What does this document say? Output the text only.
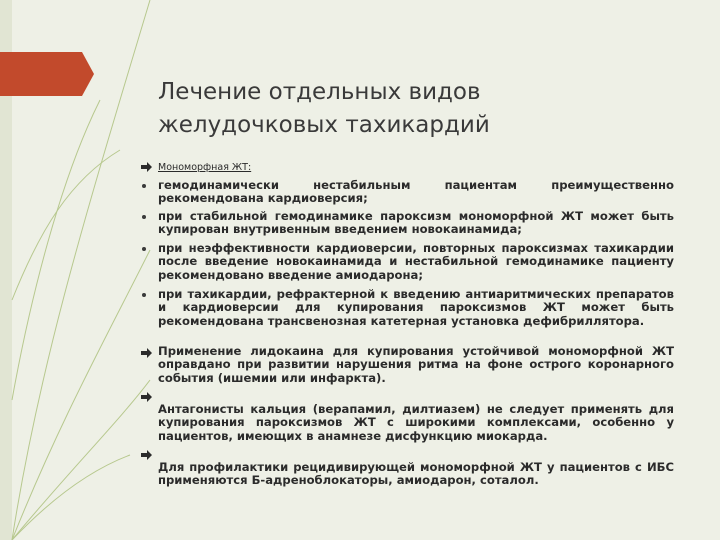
Лечение отдельных видов
желудочковых тахикардий
Мономорфная ЖТ:
гемодинамически нестабильным пациентам преимущественно рекомендована кардиоверсия;
при стабильной гемодинамике пароксизм мономорфной ЖТ может быть купирован внутривенным введением новокаинамида;
при неэффективности кардиоверсии, повторных пароксизмах тахикардии после введение новокаинамида и нестабильной гемодинамике пациенту рекомендовано введение амиодарона;
при тахикардии, рефрактерной к введению антиаритмических препаратов и кардиоверсии для купирования пароксизмов ЖТ может быть рекомендована трансвенозная катетерная установка дефибриллятора.
Применение лидокаина для купирования устойчивой мономорфной ЖТ оправдано при развитии нарушения ритма на фоне острого коронарного события (ишемии или инфаркта).
Антагонисты кальция (верапамил, дилтиазем) не следует применять для купирования пароксизмов ЖТ с широкими комплексами, особенно у пациентов, имеющих в анамнезе дисфункцию миокарда.
Для профилактики рецидивирующей мономорфной ЖТ у пациентов с ИБС применяются Б-адреноблокаторы, амиодарон, соталол.
